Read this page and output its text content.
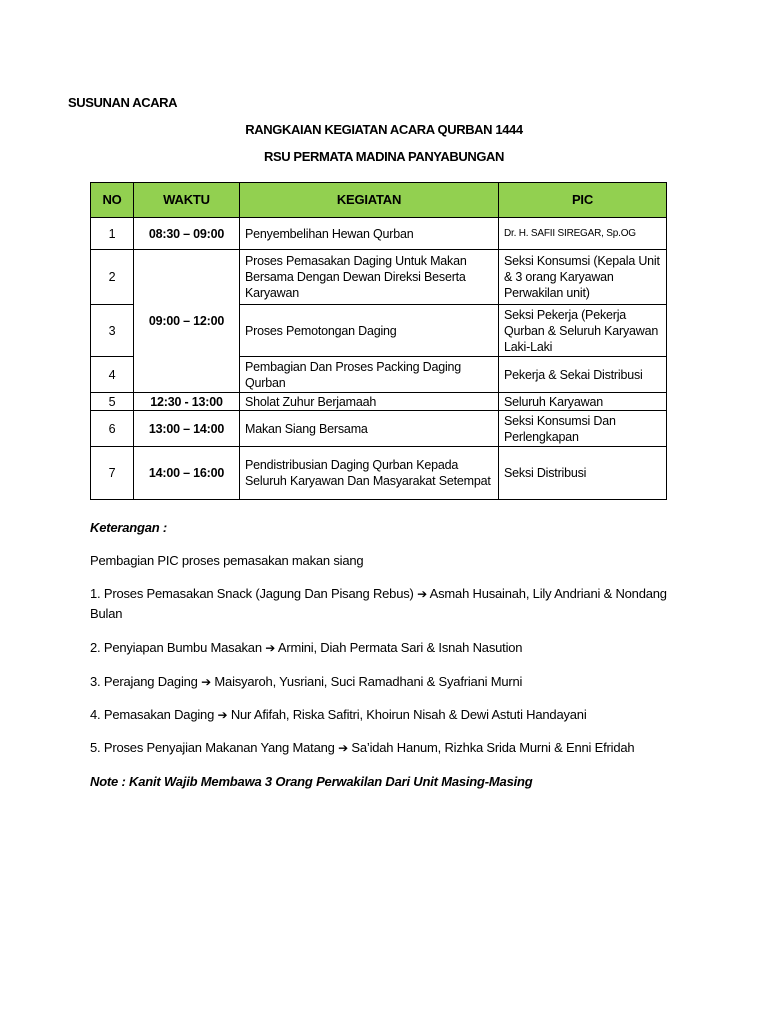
SUSUNAN ACARA
RANGKAIAN KEGIATAN ACARA QURBAN 1444
RSU PERMATA MADINA PANYABUNGAN
NO	WAKTU	KEGIATAN	PIC
1	08:30 – 09:00	Penyembelihan Hewan Qurban	Dr. H. SAFII SIREGAR, Sp.OG
2	09:00 – 12:00	Proses Pemasakan Daging Untuk Makan Bersama Dengan Dewan Direksi Beserta Karyawan	Seksi Konsumsi (Kepala Unit & 3 orang Karyawan Perwakilan unit)
3		Proses Pemotongan Daging	Seksi Pekerja (Pekerja Qurban & Seluruh Karyawan Laki-Laki
4		Pembagian Dan Proses Packing Daging Qurban	Pekerja & Sekai Distribusi
5	12:30 - 13:00	Sholat Zuhur Berjamaah	Seluruh Karyawan
6	13:00 – 14:00	Makan Siang Bersama	Seksi Konsumsi Dan Perlengkapan
7	14:00 – 16:00	Pendistribusian Daging Qurban Kepada Seluruh Karyawan Dan Masyarakat Setempat	Seksi Distribusi
Keterangan :
Pembagian PIC proses pemasakan makan siang
1. Proses Pemasakan Snack (Jagung Dan Pisang Rebus) ➔ Asmah Husainah, Lily Andriani & Nondang Bulan
2. Penyiapan Bumbu Masakan ➔ Armini, Diah Permata Sari & Isnah Nasution
3. Perajang Daging ➔ Maisyaroh, Yusriani, Suci Ramadhani & Syafriani Murni
4. Pemasakan Daging ➔ Nur Afifah, Riska Safitri, Khoirun Nisah & Dewi Astuti Handayani
5. Proses Penyajian Makanan Yang Matang ➔ Sa’idah Hanum, Rizhka Srida Murni & Enni Efridah
Note : Kanit Wajib Membawa 3 Orang Perwakilan Dari Unit Masing-Masing
